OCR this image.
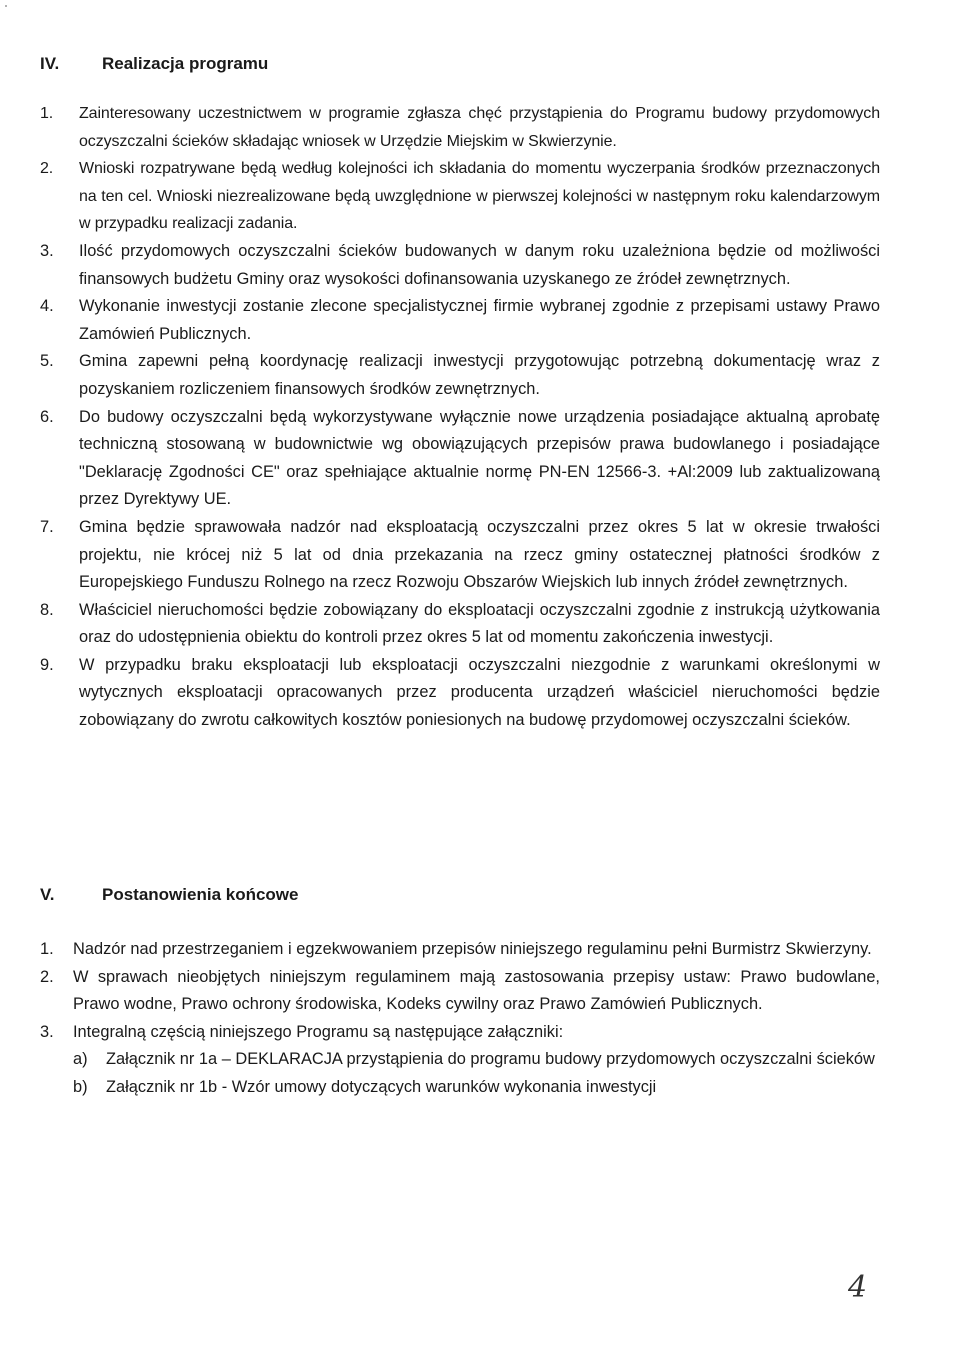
IV.	Realizacja programu
1. Zainteresowany uczestnictwem w programie zgłasza chęć przystąpienia do Programu budowy przydomowych oczyszczalni ścieków składając wniosek w Urzędzie Miejskim w Skwierzynie.
2. Wnioski rozpatrywane będą według kolejności ich składania do momentu wyczerpania środków przeznaczonych na ten cel. Wnioski niezrealizowane będą uwzględnione w pierwszej kolejności w następnym roku kalendarzowym w przypadku realizacji zadania.
3. Ilość przydomowych oczyszczalni ścieków budowanych w danym roku uzależniona będzie od możliwości finansowych budżetu Gminy oraz wysokości dofinansowania uzyskanego ze źródeł zewnętrznych.
4. Wykonanie inwestycji zostanie zlecone specjalistycznej firmie wybranej zgodnie z przepisami ustawy Prawo Zamówień Publicznych.
5. Gmina zapewni pełną koordynację realizacji inwestycji przygotowując potrzebną dokumentację wraz z pozyskaniem rozliczeniem finansowych środków zewnętrznych.
6. Do budowy oczyszczalni będą wykorzystywane wyłącznie nowe urządzenia posiadające aktualną aprobatę techniczną stosowaną w budownictwie wg obowiązujących przepisów prawa budowlanego i posiadające "Deklarację Zgodności CE" oraz spełniające aktualnie normę PN-EN 12566-3. +Al:2009 lub zaktualizowaną przez Dyrektywy UE.
7. Gmina będzie sprawowała nadzór nad eksploatacją oczyszczalni przez okres 5 lat w okresie trwałości projektu, nie krócej niż 5 lat od dnia przekazania na rzecz gminy ostatecznej płatności środków z Europejskiego Funduszu Rolnego na rzecz Rozwoju Obszarów Wiejskich lub innych źródeł zewnętrznych.
8. Właściciel nieruchomości będzie zobowiązany do eksploatacji oczyszczalni zgodnie z instrukcją użytkowania oraz do udostępnienia obiektu do kontroli przez okres 5 lat od momentu zakończenia inwestycji.
9. W przypadku braku eksploatacji lub eksploatacji oczyszczalni niezgodnie z warunkami określonymi w wytycznych eksploatacji opracowanych przez producenta urządzeń właściciel nieruchomości będzie zobowiązany do zwrotu całkowitych kosztów poniesionych na budowę przydomowej oczyszczalni ścieków.
V.	Postanowienia końcowe
1. Nadzór nad przestrzeganiem i egzekwowaniem przepisów niniejszego regulaminu pełni Burmistrz Skwierzyny.
2. W sprawach nieobjętych niniejszym regulaminem mają zastosowania przepisy ustaw: Prawo budowlane, Prawo wodne, Prawo ochrony środowiska, Kodeks cywilny oraz Prawo Zamówień Publicznych.
3. Integralną częścią niniejszego Programu są następujące załączniki:
a) Załącznik nr 1a – DEKLARACJA przystąpienia do programu budowy przydomowych oczyszczalni ścieków
b) Załącznik nr 1b - Wzór umowy dotyczących warunków wykonania inwestycji
4
